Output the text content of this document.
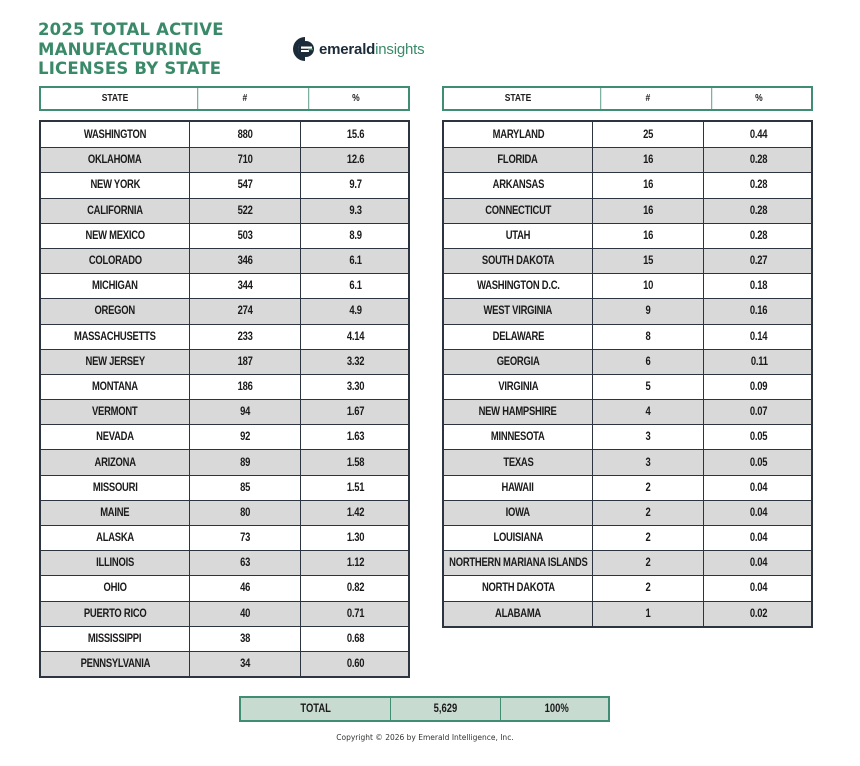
2025 TOTAL ACTIVE
MANUFACTURING
LICENSES BY STATE
emeraldinsights
STATE	#	%	STATE	#	%
WASHINGTON	880	15.6
OKLAHOMA	710	12.6
NEW YORK	547	9.7
CALIFORNIA	522	9.3
NEW MEXICO	503	8.9
COLORADO	346	6.1
MICHIGAN	344	6.1
OREGON	274	4.9
MASSACHUSETTS	233	4.14
NEW JERSEY	187	3.32
MONTANA	186	3.30
VERMONT	94	1.67
NEVADA	92	1.63
ARIZONA	89	1.58
MISSOURI	85	1.51
MAINE	80	1.42
ALASKA	73	1.30
ILLINOIS	63	1.12
OHIO	46	0.82
PUERTO RICO	40	0.71
MISSISSIPPI	38	0.68
PENNSYLVANIA	34	0.60
MARYLAND	25	0.44
FLORIDA	16	0.28
ARKANSAS	16	0.28
CONNECTICUT	16	0.28
UTAH	16	0.28
SOUTH DAKOTA	15	0.27
WASHINGTON D.C.	10	0.18
WEST VIRGINIA	9	0.16
DELAWARE	8	0.14
GEORGIA	6	0.11
VIRGINIA	5	0.09
NEW HAMPSHIRE	4	0.07
MINNESOTA	3	0.05
TEXAS	3	0.05
HAWAII	2	0.04
IOWA	2	0.04
LOUISIANA	2	0.04
NORTHERN MARIANA ISLANDS	2	0.04
NORTH DAKOTA	2	0.04
ALABAMA	1	0.02
TOTAL	5,629	100%
Copyright © 2026 by Emerald Intelligence, Inc.
